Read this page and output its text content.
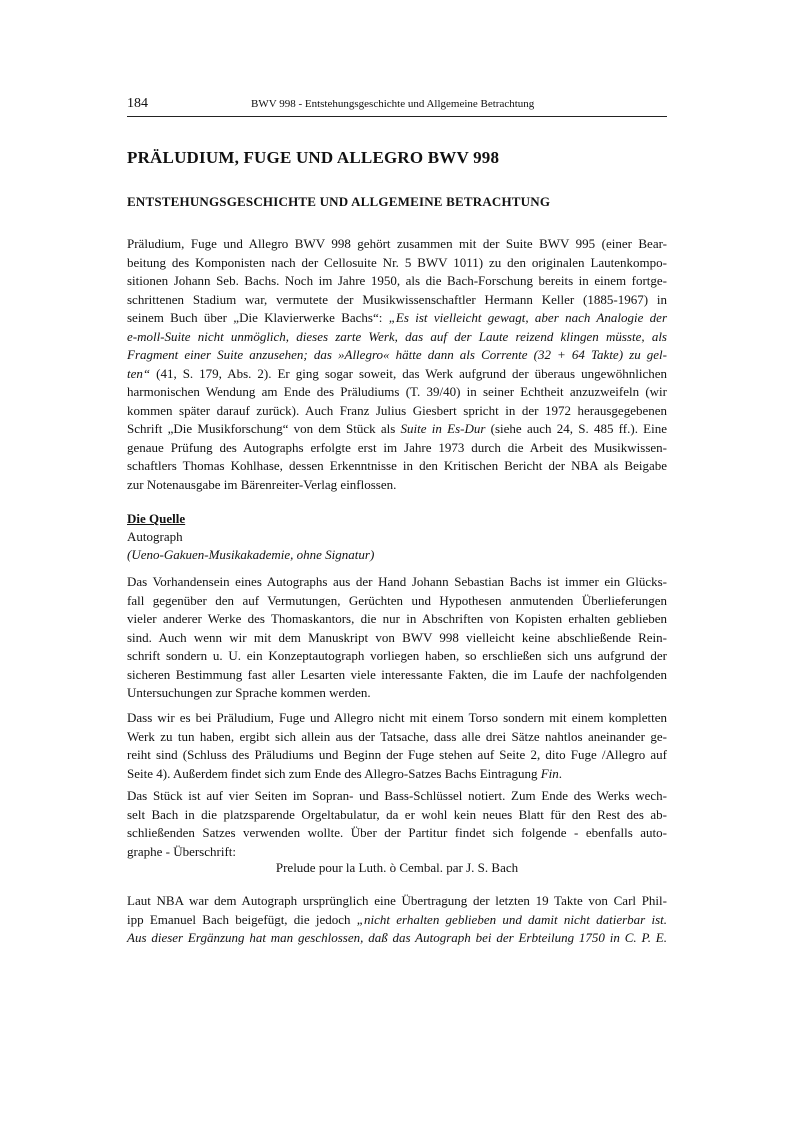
184	BWV 998 - Entstehungsgeschichte und Allgemeine Betrachtung
PRÄLUDIUM, FUGE UND ALLEGRO BWV 998
ENTSTEHUNGSGESCHICHTE UND ALLGEMEINE BETRACHTUNG
Präludium, Fuge und Allegro BWV 998 gehört zusammen mit der Suite BWV 995 (einer Bear-
beitung des Komponisten nach der Cellosuite Nr. 5 BWV 1011) zu den originalen Lautenkompo-
sitionen Johann Seb. Bachs. Noch im Jahre 1950, als die Bach-Forschung bereits in einem fortge-
schrittenen Stadium war, vermutete der Musikwissenschaftler Hermann Keller (1885-1967) in
seinem Buch über „Die Klavierwerke Bachs“: „Es ist vielleicht gewagt, aber nach Analogie der
e-moll-Suite nicht unmöglich, dieses zarte Werk, das auf der Laute reizend klingen müsste, als
Fragment einer Suite anzusehen; das »Allegro« hätte dann als Corrente (32 + 64 Takte) zu gel-
ten“ (41, S. 179, Abs. 2). Er ging sogar soweit, das Werk aufgrund der überaus ungewöhnlichen
harmonischen Wendung am Ende des Präludiums (T. 39/40) in seiner Echtheit anzuzweifeln (wir
kommen später darauf zurück). Auch Franz Julius Giesbert spricht in der 1972 herausgegebenen
Schrift „Die Musikforschung“ von dem Stück als Suite in Es-Dur (siehe auch 24, S. 485 ff.). Eine
genaue Prüfung des Autographs erfolgte erst im Jahre 1973 durch die Arbeit des Musikwissen-
schaftlers Thomas Kohlhase, dessen Erkenntnisse in den Kritischen Bericht der NBA als Beigabe
zur Notenausgabe im Bärenreiter-Verlag einflossen.
Die Quelle
Autograph
(Ueno-Gakuen-Musikakademie, ohne Signatur)
Das Vorhandensein eines Autographs aus der Hand Johann Sebastian Bachs ist immer ein Glücks-
fall gegenüber den auf Vermutungen, Gerüchten und Hypothesen anmutenden Überlieferungen
vieler anderer Werke des Thomaskantors, die nur in Abschriften von Kopisten erhalten geblieben
sind. Auch wenn wir mit dem Manuskript von BWV 998 vielleicht keine abschließende Rein-
schrift sondern u. U. ein Konzeptautograph vorliegen haben, so erschließen sich uns aufgrund der
sicheren Bestimmung fast aller Lesarten viele interessante Fakten, die im Laufe der nachfolgenden
Untersuchungen zur Sprache kommen werden.
Dass wir es bei Präludium, Fuge und Allegro nicht mit einem Torso sondern mit einem kompletten
Werk zu tun haben, ergibt sich allein aus der Tatsache, dass alle drei Sätze nahtlos aneinander ge-
reiht sind (Schluss des Präludiums und Beginn der Fuge stehen auf Seite 2, dito Fuge /Allegro auf
Seite 4). Außerdem findet sich zum Ende des Allegro-Satzes Bachs Eintragung Fin.
Das Stück ist auf vier Seiten im Sopran- und Bass-Schlüssel notiert. Zum Ende des Werks wech-
selt Bach in die platzsparende Orgeltabulatur, da er wohl kein neues Blatt für den Rest des ab-
schließenden Satzes verwenden wollte. Über der Partitur findet sich folgende - ebenfalls auto-
graphe - Überschrift:
Prelude pour la Luth. ò Cembal. par J. S. Bach
Laut NBA war dem Autograph ursprünglich eine Übertragung der letzten 19 Takte von Carl Phil-
ipp Emanuel Bach beigefügt, die jedoch „nicht erhalten geblieben und damit nicht datierbar ist.
Aus dieser Ergänzung hat man geschlossen, daß das Autograph bei der Erbteilung 1750 in C. P. E.
